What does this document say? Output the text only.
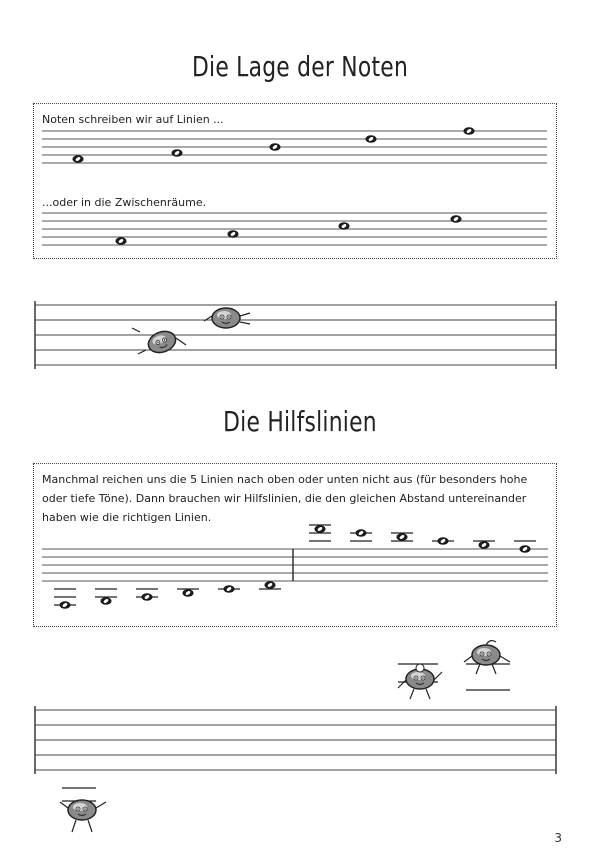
Die Lage der Noten
Noten schreiben wir auf Linien ...
...oder in die Zwischenräume.
Die Hilfslinien
Manchmal reichen uns die 5 Linien nach oben oder unten nicht aus (für besonders hohe oder tiefe Töne). Dann brauchen wir Hilfslinien, die den gleichen Abstand untereinander haben wie die richtigen Linien.
3
